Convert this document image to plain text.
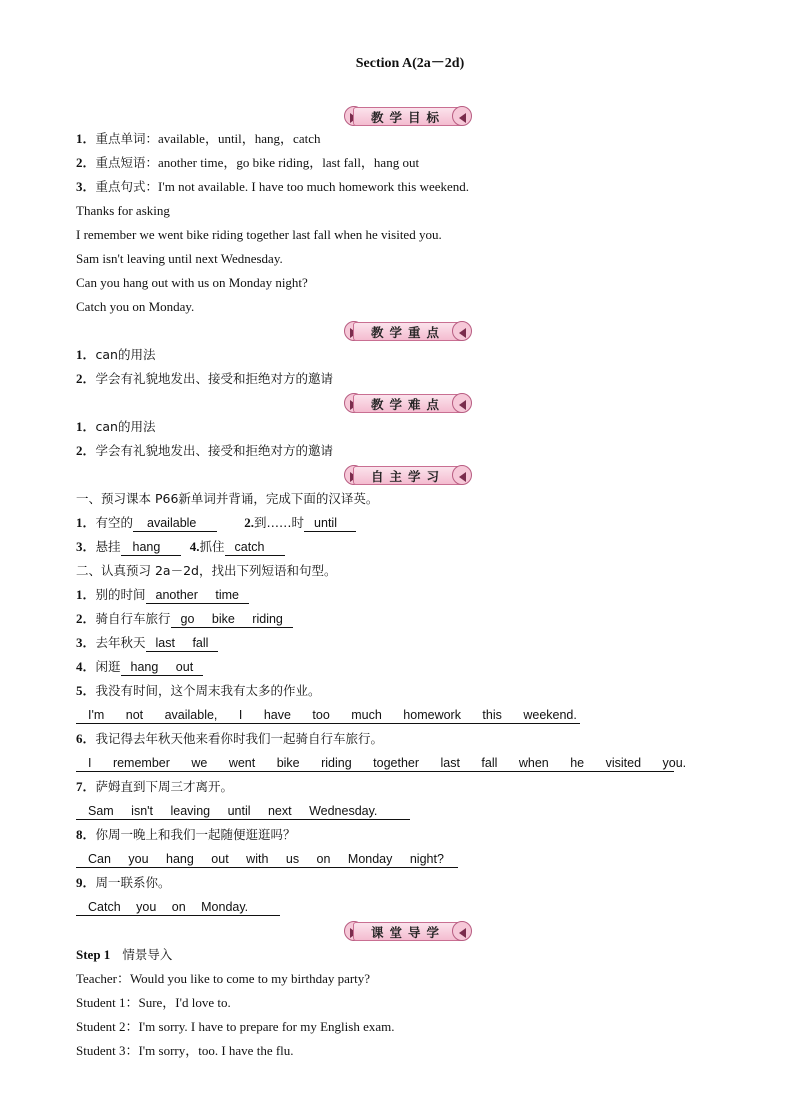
Section A(2a－2d)
教学目标
1．重点单词：available，until，hang，catch
2．重点短语：another time，go bike riding，last fall，hang out
3．重点句式：I'm not available. I have too much homework this weekend.
Thanks for asking
I remember we went bike riding together last fall when he visited you.
Sam isn't leaving until next Wednesday.
Can you hang out with us on Monday night?
Catch you on Monday.
教学重点
1．can的用法
2．学会有礼貌地发出、接受和拒绝对方的邀请
教学难点
1．can的用法
2．学会有礼貌地发出、接受和拒绝对方的邀请
自主学习
一、预习课本 P66新单词并背诵，完成下面的汉译英。
1．有空的 available	2.到……时 until
3．悬挂 hang 4.抓住 catch
二、认真预习 2a－2d，找出下列短语和句型。
1．别的时间 another time
2．骑自行车旅行 go bike riding
3．去年秋天 last fall
4．闲逛 hang out
5．我没有时间，这个周末我有太多的作业。
I'm not available, I have too much homework this weekend.
6．我记得去年秋天他来看你时我们一起骑自行车旅行。
I remember we went bike riding together last fall when he visited you.
7．萨姆直到下周三才离开。
Sam isn't leaving until next Wednesday.
8．你周一晚上和我们一起随便逛逛吗？
Can you hang out with us on Monday night?
9．周一联系你。
Catch you on Monday.
课堂导学
Step 1 情景导入
Teacher：Would you like to come to my birthday party?
Student 1：Sure，I'd love to.
Student 2：I'm sorry. I have to prepare for my English exam.
Student 3：I'm sorry，too. I have the flu.
